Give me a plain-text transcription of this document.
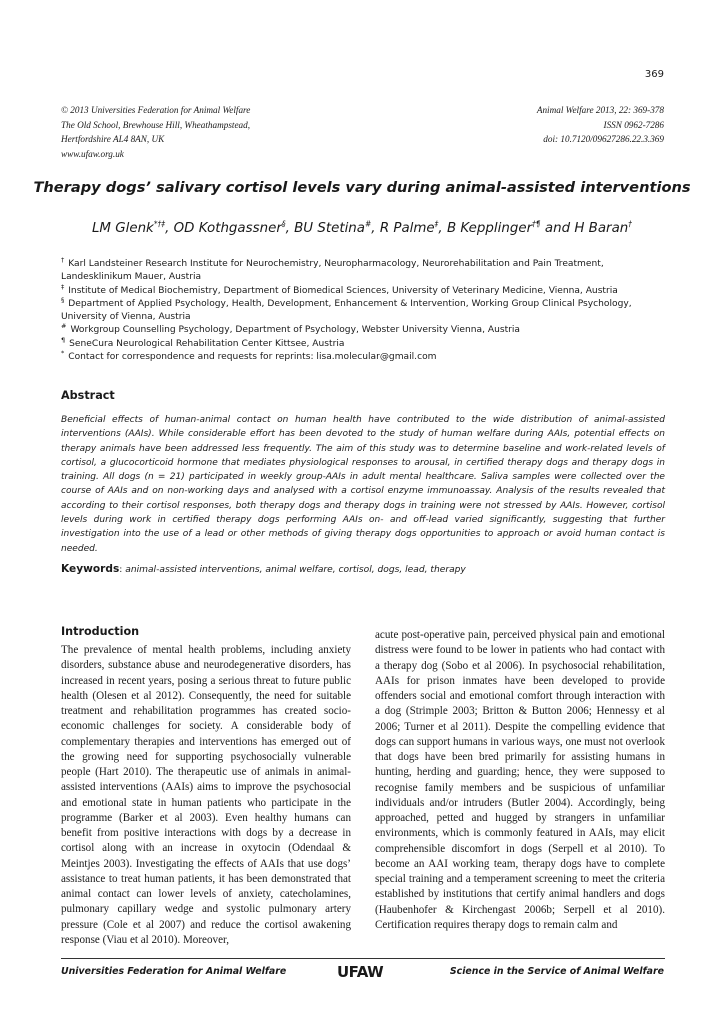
369
© 2013 Universities Federation for Animal Welfare
The Old School, Brewhouse Hill, Wheathampstead,
Hertfordshire AL4 8AN, UK
www.ufaw.org.uk
Animal Welfare 2013, 22: 369-378
ISSN 0962-7286
doi: 10.7120/09627286.22.3.369
Therapy dogs’ salivary cortisol levels vary during animal-assisted interventions
LM Glenk*†‡, OD Kothgassner§, BU Stetina#, R Palme‡, B Kepplinger†¶ and H Baran†
† Karl Landsteiner Research Institute for Neurochemistry, Neuropharmacology, Neurorehabilitation and Pain Treatment,
Landesklinikum Mauer, Austria
‡ Institute of Medical Biochemistry, Department of Biomedical Sciences, University of Veterinary Medicine, Vienna, Austria
§ Department of Applied Psychology, Health, Development, Enhancement & Intervention, Working Group Clinical Psychology,
University of Vienna, Austria
# Workgroup Counselling Psychology, Department of Psychology, Webster University Vienna, Austria
¶ SeneCura Neurological Rehabilitation Center Kittsee, Austria
* Contact for correspondence and requests for reprints: lisa.molecular@gmail.com
Abstract
Beneficial effects of human-animal contact on human health have contributed to the wide distribution of animal-assisted interventions (AAIs). While considerable effort has been devoted to the study of human welfare during AAIs, potential effects on therapy animals have been addressed less frequently. The aim of this study was to determine baseline and work-related levels of cortisol, a glucocorticoid hormone that mediates physiological responses to arousal, in certified therapy dogs and therapy dogs in training. All dogs (n = 21) participated in weekly group-AAIs in adult mental healthcare. Saliva samples were collected over the course of AAIs and on non-working days and analysed with a cortisol enzyme immunoassay. Analysis of the results revealed that according to their cortisol responses, both therapy dogs and therapy dogs in training were not stressed by AAIs. However, cortisol levels during work in certified therapy dogs performing AAIs on- and off-lead varied significantly, suggesting that further investigation into the use of a lead or other methods of giving therapy dogs opportunities to approach or avoid human contact is needed.
Keywords: animal-assisted interventions, animal welfare, cortisol, dogs, lead, therapy
Introduction
The prevalence of mental health problems, including anxiety disorders, substance abuse and neurodegenerative disorders, has increased in recent years, posing a serious threat to future public health (Olesen et al 2012). Consequently, the need for suitable treatment and rehabilitation programmes has created socio-economic challenges for society. A considerable body of complementary therapies and interventions has emerged out of the growing need for supporting psychosocially vulnerable people (Hart 2010). The therapeutic use of animals in animal-assisted interventions (AAIs) aims to improve the psychosocial and emotional state in human patients who participate in the programme (Barker et al 2003). Even healthy humans can benefit from positive interactions with dogs by a decrease in cortisol along with an increase in oxytocin (Odendaal & Meintjes 2003). Investigating the effects of AAIs that use dogs’ assistance to treat human patients, it has been demonstrated that animal contact can lower levels of anxiety, catecholamines, pulmonary capillary wedge and systolic pulmonary artery pressure (Cole et al 2007) and reduce the cortisol awakening response (Viau et al 2010). Moreover,
acute post-operative pain, perceived physical pain and emotional distress were found to be lower in patients who had contact with a therapy dog (Sobo et al 2006). In psychosocial rehabilitation, AAIs for prison inmates have been developed to provide offenders social and emotional comfort through interaction with a dog (Strimple 2003; Britton & Button 2006; Hennessy et al 2006; Turner et al 2011). Despite the compelling evidence that dogs can support humans in various ways, one must not overlook that dogs have been bred primarily for assisting humans in hunting, herding and guarding; hence, they were supposed to recognise family members and be suspicious of unfamiliar individuals and/or intruders (Butler 2004). Accordingly, being approached, petted and hugged by strangers in unfamiliar environments, which is commonly featured in AAIs, may elicit comprehensible discomfort in dogs (Serpell et al 2010). To become an AAI working team, therapy dogs have to complete special training and a temperament screening to meet the criteria established by institutions that certify animal handlers and dogs (Haubenhofer & Kirchengast 2006b; Serpell et al 2010). Certification requires therapy dogs to remain calm and
Universities Federation for Animal Welfare	UFAW	Science in the Service of Animal Welfare
